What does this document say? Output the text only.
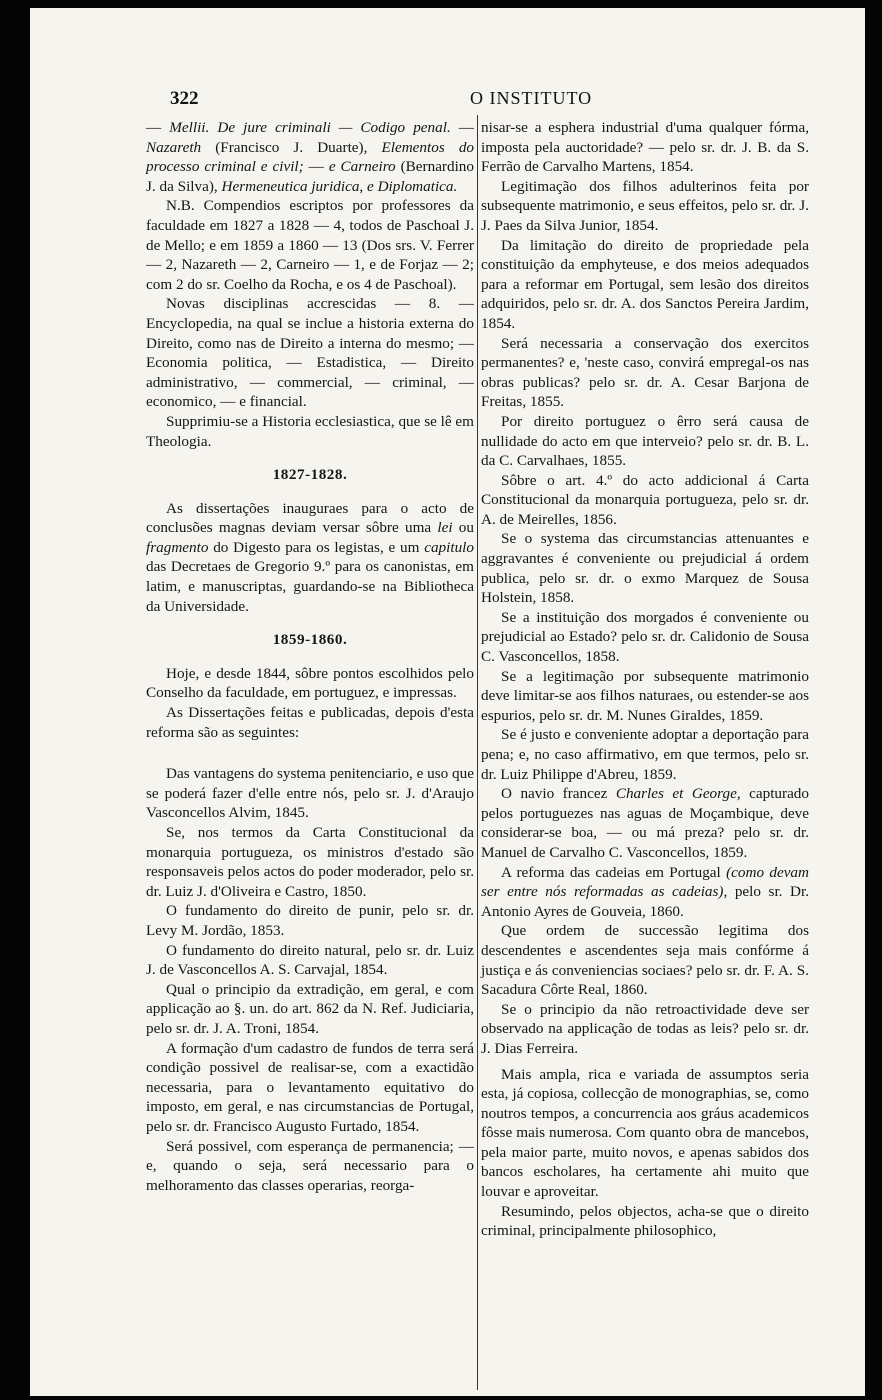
322	O INSTITUTO

— Mellii. De jure criminali — Codigo penal. — Nazareth (Francisco J. Duarte), Elementos do processo criminal e civil; — e Carneiro (Bernardino J. da Silva), Hermeneutica juridica, e Diplomatica.

N.B. Compendios escriptos por professores da faculdade em 1827 a 1828 — 4, todos de Paschoal J. de Mello; e em 1859 a 1860 — 13 (Dos srs. V. Ferrer — 2, Nazareth — 2, Carneiro — 1, e de Forjaz — 2; com 2 do sr. Coelho da Rocha, e os 4 de Paschoal).

Novas disciplinas accrescidas — 8. — Encyclopedia, na qual se inclue a historia externa do Direito, como nas de Direito a interna do mesmo; — Economia politica, — Estadistica, — Direito administrativo, — commercial, — criminal, — economico, — e financial.

Supprimiu-se a Historia ecclesiastica, que se lê em Theologia.

1827-1828.

As dissertações inauguraes para o acto de conclusões magnas deviam versar sôbre uma lei ou fragmento do Digesto para os legistas, e um capitulo das Decretaes de Gregorio 9.º para os canonistas, em latim, e manuscriptas, guardando-se na Bibliotheca da Universidade.

1859-1860.

Hoje, e desde 1844, sôbre pontos escolhidos pelo Conselho da faculdade, em portuguez, e impressas.

As Dissertações feitas e publicadas, depois d'esta reforma são as seguintes:

Das vantagens do systema penitenciario, e uso que se poderá fazer d'elle entre nós, pelo sr. J. d'Araujo Vasconcellos Alvim, 1845.

Se, nos termos da Carta Constitucional da monarquia portugueza, os ministros d'estado são responsaveis pelos actos do poder moderador, pelo sr. dr. Luiz J. d'Oliveira e Castro, 1850.

O fundamento do direito de punir, pelo sr. dr. Levy M. Jordão, 1853.

O fundamento do direito natural, pelo sr. dr. Luiz J. de Vasconcellos A. S. Carvajal, 1854.

Qual o principio da extradição, em geral, e com applicação ao §. un. do art. 862 da N. Ref. Judiciaria, pelo sr. dr. J. A. Troni, 1854.

A formação d'um cadastro de fundos de terra será condição possivel de realisar-se, com a exactidão necessaria, para o levantamento equitativo do imposto, em geral, e nas circumstancias de Portugal, pelo sr. dr. Francisco Augusto Furtado, 1854.

Será possivel, com esperança de permanencia; — e, quando o seja, será necessario para o melhoramento das classes operarias, reorga-

nisar-se a esphera industrial d'uma qualquer fórma, imposta pela auctoridade? — pelo sr. dr. J. B. da S. Ferrão de Carvalho Martens, 1854.

Legitimação dos filhos adulterinos feita por subsequente matrimonio, e seus effeitos, pelo sr. dr. J. J. Paes da Silva Junior, 1854.

Da limitação do direito de propriedade pela constituição da emphyteuse, e dos meios adequados para a reformar em Portugal, sem lesão dos direitos adquiridos, pelo sr. dr. A. dos Sanctos Pereira Jardim, 1854.

Será necessaria a conservação dos exercitos permanentes? e, 'neste caso, convirá empregal-os nas obras publicas? pelo sr. dr. A. Cesar Barjona de Freitas, 1855.

Por direito portuguez o êrro será causa de nullidade do acto em que interveio? pelo sr. dr. B. L. da C. Carvalhaes, 1855.

Sôbre o art. 4.º do acto addicional á Carta Constitucional da monarquia portugueza, pelo sr. dr. A. de Meirelles, 1856.

Se o systema das circumstancias attenuantes e aggravantes é conveniente ou prejudicial á ordem publica, pelo sr. dr. o exmo Marquez de Sousa Holstein, 1858.

Se a instituição dos morgados é conveniente ou prejudicial ao Estado? pelo sr. dr. Calidonio de Sousa C. Vasconcellos, 1858.

Se a legitimação por subsequente matrimonio deve limitar-se aos filhos naturaes, ou estender-se aos espurios, pelo sr. dr. M. Nunes Giraldes, 1859.

Se é justo e conveniente adoptar a deportação para pena; e, no caso affirmativo, em que termos, pelo sr. dr. Luiz Philippe d'Abreu, 1859.

O navio francez Charles et George, capturado pelos portuguezes nas aguas de Moçambique, deve considerar-se boa, — ou má preza? pelo sr. dr. Manuel de Carvalho C. Vasconcellos, 1859.

A reforma das cadeias em Portugal (como devam ser entre nós reformadas as cadeias), pelo sr. Dr. Antonio Ayres de Gouveia, 1860.

Que ordem de successão legitima dos descendentes e ascendentes seja mais confórme á justiça e ás conveniencias sociaes? pelo sr. dr. F. A. S. Sacadura Côrte Real, 1860.

Se o principio da não retroactividade deve ser observado na applicação de todas as leis? pelo sr. dr. J. Dias Ferreira.

Mais ampla, rica e variada de assumptos seria esta, já copiosa, collecção de monographias, se, como noutros tempos, a concurrencia aos gráus academicos fôsse mais numerosa. Com quanto obra de mancebos, pela maior parte, muito novos, e apenas sabidos dos bancos escholares, ha certamente ahi muito que louvar e aproveitar.

Resumindo, pelos objectos, acha-se que o direito criminal, principalmente philosophico,
